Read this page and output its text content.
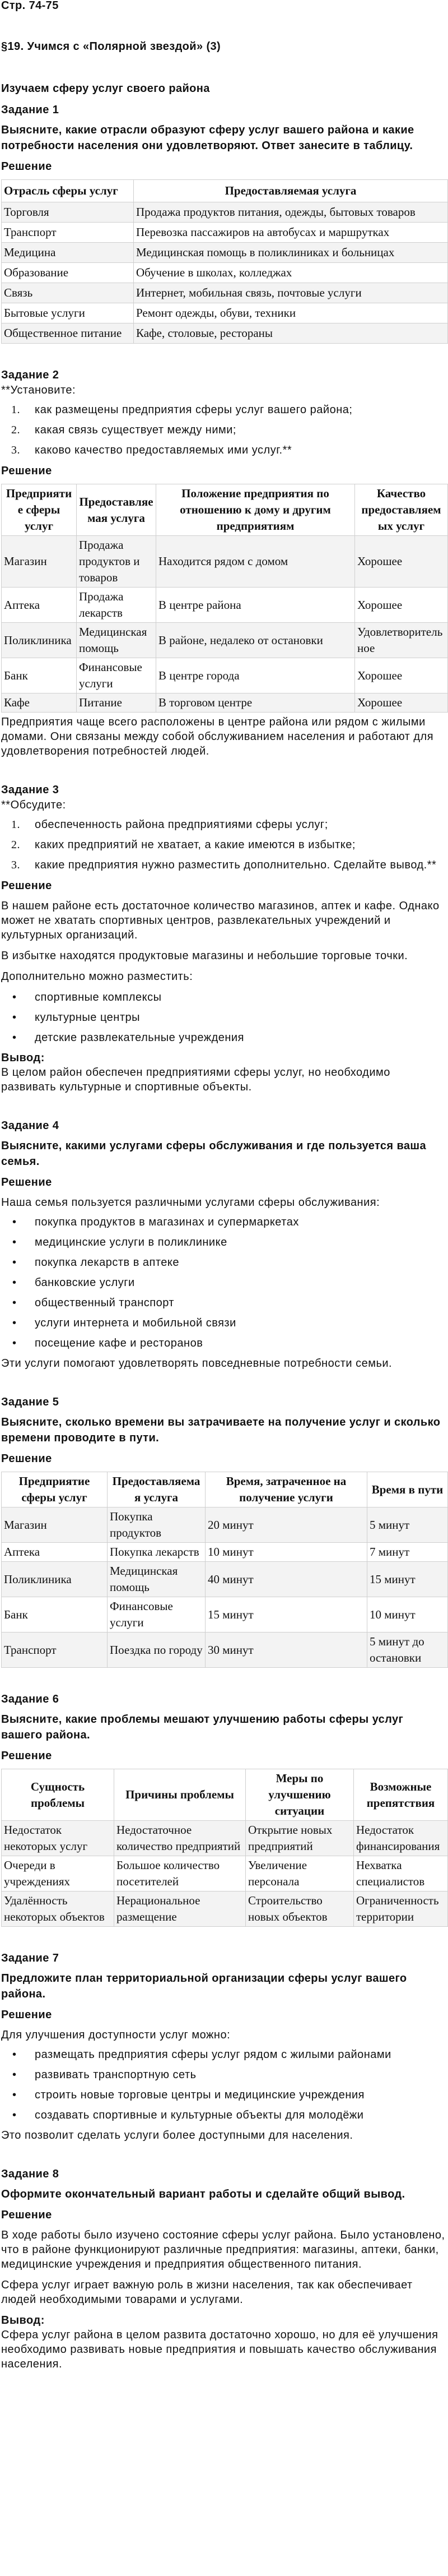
Стр. 74-75
§19. Учимся с «Полярной звездой» (3)
Изучаем сферу услуг своего района
Задание 1
Выясните, какие отрасли образуют сферу услуг вашего района и какие потребности населения они удовлетворяют. Ответ занесите в таблицу.
Решение
Отрасль сферы услуг	Предоставляемая услуга
Торговля	Продажа продуктов питания, одежды, бытовых товаров
Транспорт	Перевозка пассажиров на автобусах и маршрутках
Медицина	Медицинская помощь в поликлиниках и больницах
Образование	Обучение в школах, колледжах
Связь	Интернет, мобильная связь, почтовые услуги
Бытовые услуги	Ремонт одежды, обуви, техники
Общественное питание	Кафе, столовые, рестораны
Задание 2

**Установите:

1. как размещены предприятия сферы услуг вашего района;
2. какая связь существует между ними;
3. каково качество предоставляемых ими услуг.**
Решение
Предприятие сферы услуг	Предоставляемая услуга	Положение предприятия по отношению к дому и другим предприятиям	Качество предоставляемых услуг
Магазин	Продажа продуктов и товаров	Находится рядом с домом	Хорошее
Аптека	Продажа лекарств	В центре района	Хорошее
Поликлиника	Медицинская помощь	В районе, недалеко от остановки	Удовлетворительное
Банк	Финансовые услуги	В центре города	Хорошее
Кафе	Питание	В торговом центре	Хорошее

Предприятия чаще всего расположены в центре района или рядом с жилыми домами. Они связаны между собой обслуживанием населения и работают для удовлетворения потребностей людей.

Задание 3

**Обсудите:

1. обеспеченность района предприятиями сферы услуг;
2. каких предприятий не хватает, а какие имеются в избытке;
3. какие предприятия нужно разместить дополнительно. Сделайте вывод.**
Решение

В нашем районе есть достаточное количество магазинов, аптек и кафе. Однако может не хватать спортивных центров, развлекательных учреждений и культурных организаций.

В избытке находятся продуктовые магазины и небольшие торговые точки.

Дополнительно можно разместить:

• спортивные комплексы
• культурные центры
• детские развлекательные учреждения
Вывод:

В целом район обеспечен предприятиями сферы услуг, но необходимо развивать культурные и спортивные объекты.

Задание 4
Выясните, какими услугами сферы обслуживания и где пользуется ваша семья.
Решение

Наша семья пользуется различными услугами сферы обслуживания:

• покупка продуктов в магазинах и супермаркетах
• медицинские услуги в поликлинике
• покупка лекарств в аптеке
• банковские услуги
• общественный транспорт
• услуги интернета и мобильной связи
• посещение кафе и ресторанов

Эти услуги помогают удовлетворять повседневные потребности семьи.

Задание 5
Выясните, сколько времени вы затрачиваете на получение услуг и сколько времени проводите в пути.
Решение
Предприятие сферы услуг	Предоставляемая услуга	Время, затраченное на получение услуги	Время в пути
Магазин	Покупка продуктов	20 минут	5 минут
Аптека	Покупка лекарств	10 минут	7 минут
Поликлиника	Медицинская помощь	40 минут	15 минут
Банк	Финансовые услуги	15 минут	10 минут
Транспорт	Поездка по городу	30 минут	5 минут до остановки
Задание 6
Выясните, какие проблемы мешают улучшению работы сферы услуг вашего района.
Решение
Сущность проблемы	Причины проблемы	Меры по улучшению ситуации	Возможные препятствия
Недостаток некоторых услуг	Недостаточное количество предприятий	Открытие новых предприятий	Недостаток финансирования
Очереди в учреждениях	Большое количество посетителей	Увеличение персонала	Нехватка специалистов
Удалённость некоторых объектов	Нерациональное размещение	Строительство новых объектов	Ограниченность территории
Задание 7
Предложите план территориальной организации сферы услуг вашего района.
Решение

Для улучшения доступности услуг можно:

• размещать предприятия сферы услуг рядом с жилыми районами
• развивать транспортную сеть
• строить новые торговые центры и медицинские учреждения
• создавать спортивные и культурные объекты для молодёжи

Это позволит сделать услуги более доступными для населения.

Задание 8
Оформите окончательный вариант работы и сделайте общий вывод.
Решение

В ходе работы было изучено состояние сферы услуг района. Было установлено, что в районе функционируют различные предприятия: магазины, аптеки, банки, медицинские учреждения и предприятия общественного питания.

Сфера услуг играет важную роль в жизни населения, так как обеспечивает людей необходимыми товарами и услугами.

Вывод:

Сфера услуг района в целом развита достаточно хорошо, но для её улучшения необходимо развивать новые предприятия и повышать качество обслуживания населения.
